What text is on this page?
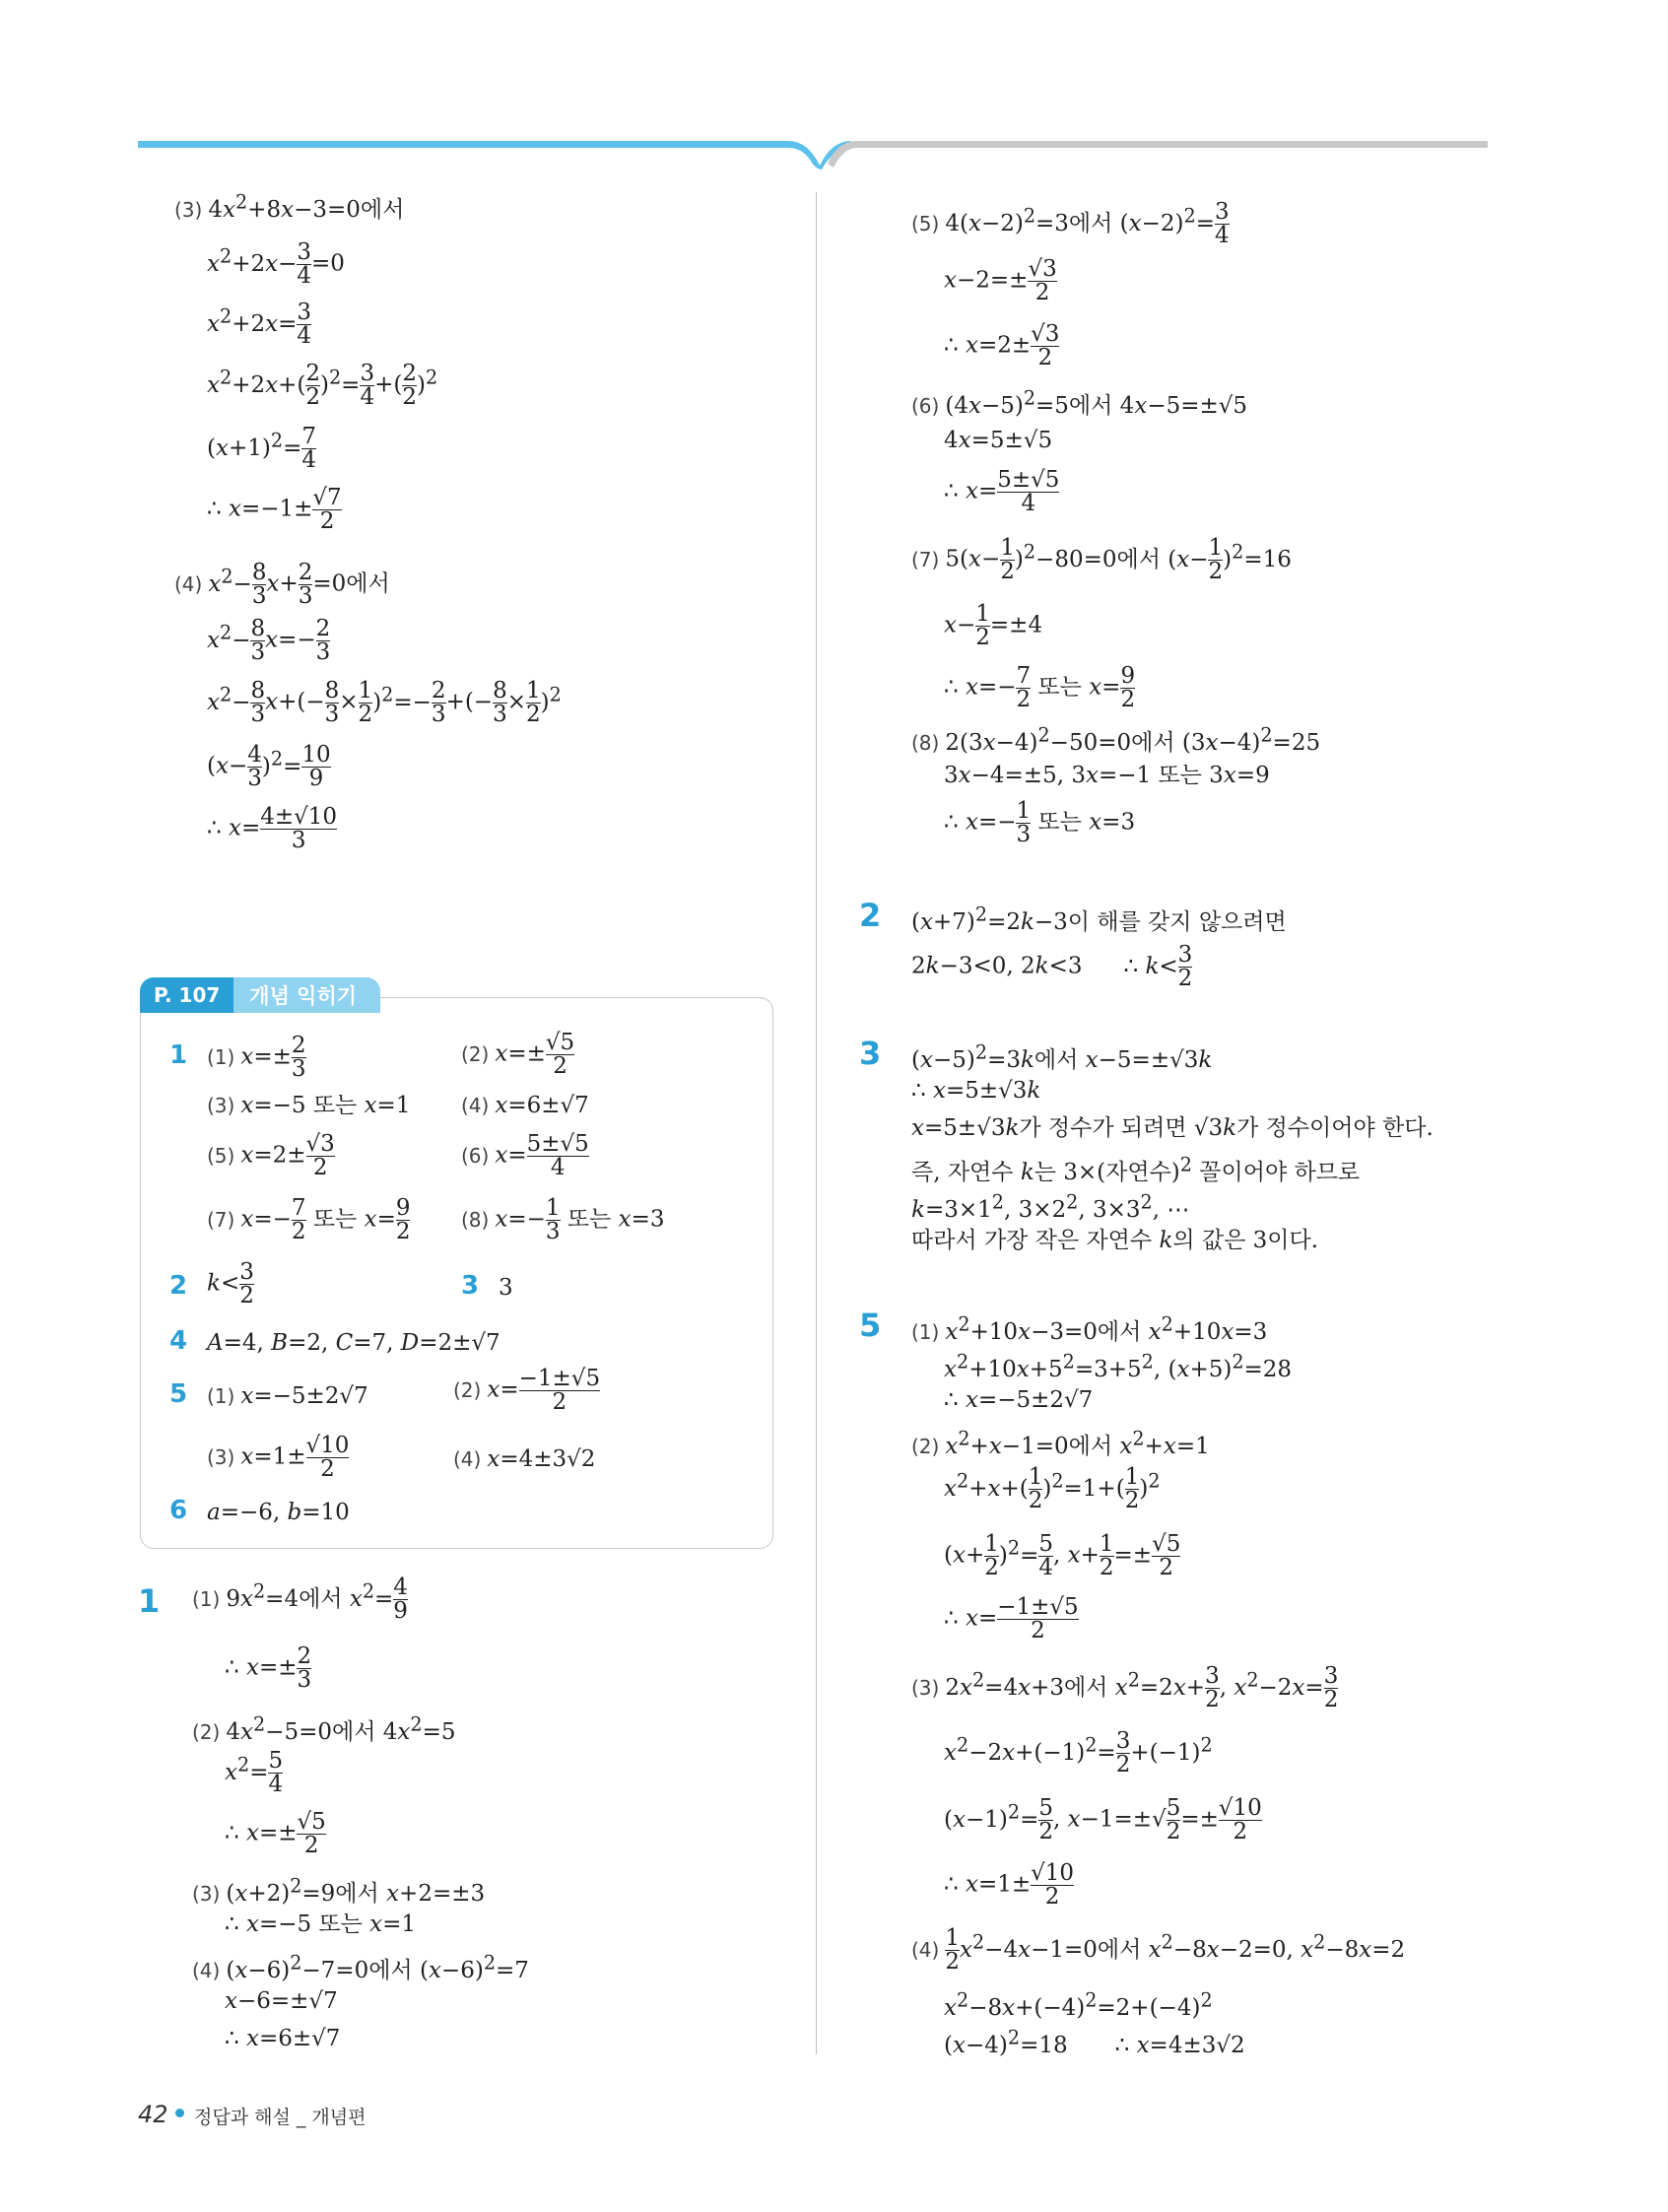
(3) $4x^2+8x-3=0$에서
$x^2+2x- \frac{3}{4} =0$
$x^2+2x= \frac{3}{4}$
$x^2+2x+( \frac{2}{2} )^2= \frac{3}{4}$ +( $\frac{2}{2} )^2$
$(x+1)^2= \frac{7}{4}$
∴ $x=-1\pm \frac{√7}{2}$
(4) $x^2- \frac{8}{3} x+ \frac{2}{3} =0$에서
$x^2- \frac{8}{3} x=- \frac{2}{3}$
$x^2- \frac{8}{3} x+(- \frac{8}{3} \times \frac{1}{2} )^2=- \frac{2}{3}$ +(− $\frac{8}{3} \times \frac{1}{2} )^2$
$(x- \frac{4}{3} )^2= \frac{10}{9}$
∴ $x= \frac{4\pm√10}{3}$
P. 107	개념 익히기
1 (1) $x=\pm \frac{2}{3}$	(2) $x=\pm \frac{√5}{2}$
(3) x=−5 또는 x=1	(4) x=6±√7
(5) $x=2\pm \frac{√3}{2}$	(6) $x= \frac{5\pm√5}{4}$
(7) $x=- \frac{7}{2}$ 또는 $x= \frac{9}{2}$	(8) $x=- \frac{1}{3}$ 또는 x=3
2 $k< \frac{3}{2}$	3 3
4 A=4, B=2, C=7, D=2±√7
5 (1) x=−5±2√7	(2) $x= \frac{-1\pm√5}{2}$
(3) $x=1\pm \frac{√10}{2}$	(4) x=4±3√2
6 a=−6, b=10
1 (1) $9x^2=4$에서 $x^2= \frac{4}{9}$
∴ $x=\pm \frac{2}{3}$
(2) $4x^2-5=0$에서 $4x^2=5$
$x^2= \frac{5}{4}$
∴ $x=\pm \frac{√5}{2}$
(3) $(x+2)^2=9$에서 x+2=±3
∴ x=−5 또는 x=1
(4) $(x-6)^2-7=0$에서 $(x-6)^2=7$
x−6=±√7
∴ x=6±√7
(5) $4(x-2)^2=3$에서 $(x-2)^2= \frac{3}{4}$
$x-2=\pm \frac{√3}{2}$
∴ $x=2\pm \frac{√3}{2}$
(6) $(4x-5)^2=5$에서 4x−5=±√5
4x=5±√5
∴ $x= \frac{5\pm√5}{4}$
(7) $5(x- \frac{1}{2} )^2-80=0$에서 $(x- \frac{1}{2} )^2=16$
$x- \frac{1}{2} =\pm 4$
∴ $x=- \frac{7}{2}$ 또는 $x= \frac{9}{2}$
(8) $2(3x-4)^2-50=0$에서 $(3x-4)^2=25$
3x−4=±5, 3x=−1 또는 3x=9
∴ $x=- \frac{1}{3}$ 또는 x=3
2 $(x+7)^2=2k-3$이 해를 갖지 않으려면
2k−3<0, 2k<3 ∴ $k< \frac{3}{2}$
3 $(x-5)^2=3k$에서 x−5=±√3k
∴ x=5±√3k
x=5±√3k가 정수가 되려면 √3k가 정수이어야 한다.
즉, 자연수 k는 3×(자연수)$^2$ 꼴이어야 하므로
$k=3\times 1^2$, $3\times 2^2$, $3\times 3^2$, ⋯
따라서 가장 작은 자연수 k의 값은 3이다.
5 (1) $x^2+10x-3=0$에서 $x^2+10x=3$
$x^2+10x+5^2=3+5^2$, $(x+5)^2=28$
∴ x=−5±2√7
(2) $x^2+x-1=0$에서 $x^2+x=1$
$x^2+x+( \frac{1}{2} )^2=1+( \frac{1}{2} )^2$
$(x+ \frac{1}{2} )^2= \frac{5}{4}$ , $x+ \frac{1}{2} =\pm \frac{√5}{2}$
∴ $x= \frac{-1\pm√5}{2}$
(3) $2x^2=4x+3$에서 $x^2=2x+ \frac{3}{2}$ , $x^2-2x= \frac{3}{2}$
$x^2-2x+(-1)^2= \frac{3}{2} +(-1)^2$
$(x-1)^2= \frac{5}{2}$ , $x-1=\pm√ \frac{5}{2} =\pm \frac{√10}{2}$
∴ $x=1\pm \frac{√10}{2}$
$(4) \frac{1}{2} x^2-4x-1=0$에서 $x^2-8x-2=0$, $x^2-8x=2$
$x^2-8x+(-4)^2=2+(-4)^2$
$(x-4)^2=18$ ∴ x=4±3√2
42 정답과 해설 _ 개념편
